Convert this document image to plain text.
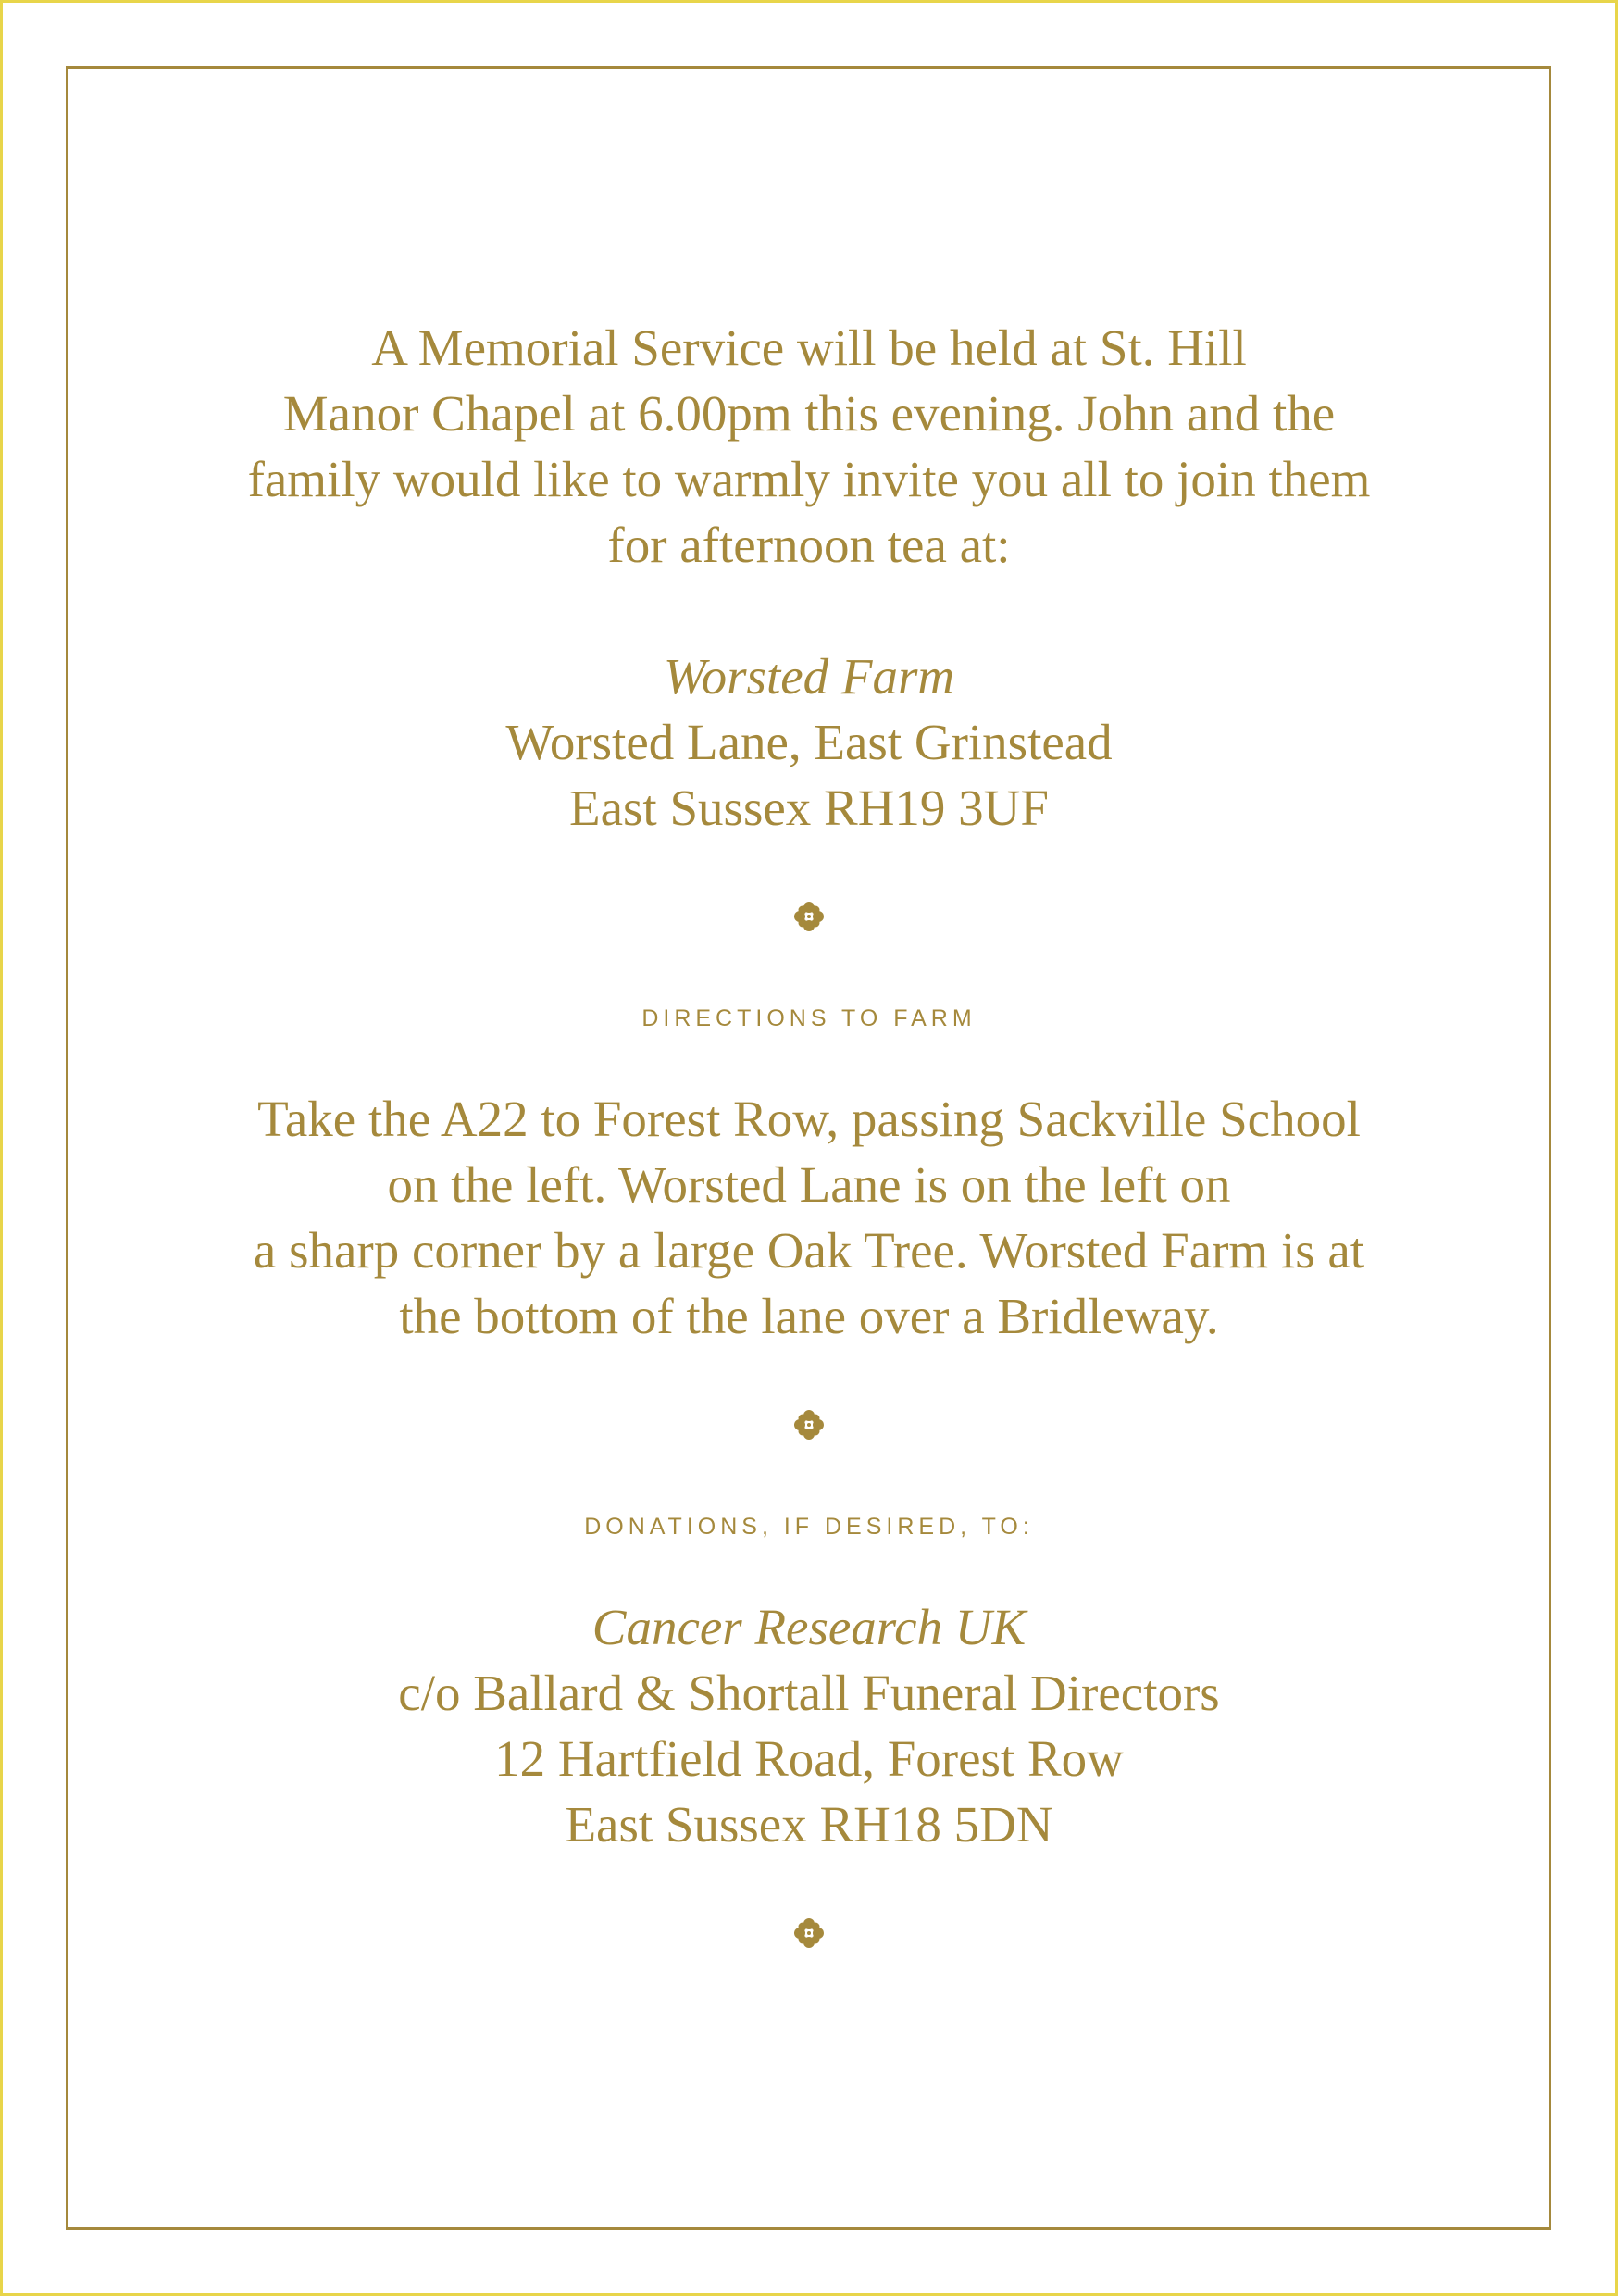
A Memorial Service will be held at St. Hill
Manor Chapel at 6.00pm this evening. John and the
family would like to warmly invite you all to join them
for afternoon tea at:

Worsted Farm
Worsted Lane, East Grinstead
East Sussex RH19 3UF

DIRECTIONS TO FARM

Take the A22 to Forest Row, passing Sackville School
on the left. Worsted Lane is on the left on
a sharp corner by a large Oak Tree. Worsted Farm is at
the bottom of the lane over a Bridleway.

DONATIONS, IF DESIRED, TO:

Cancer Research UK
c/o Ballard & Shortall Funeral Directors
12 Hartfield Road, Forest Row
East Sussex RH18 5DN
